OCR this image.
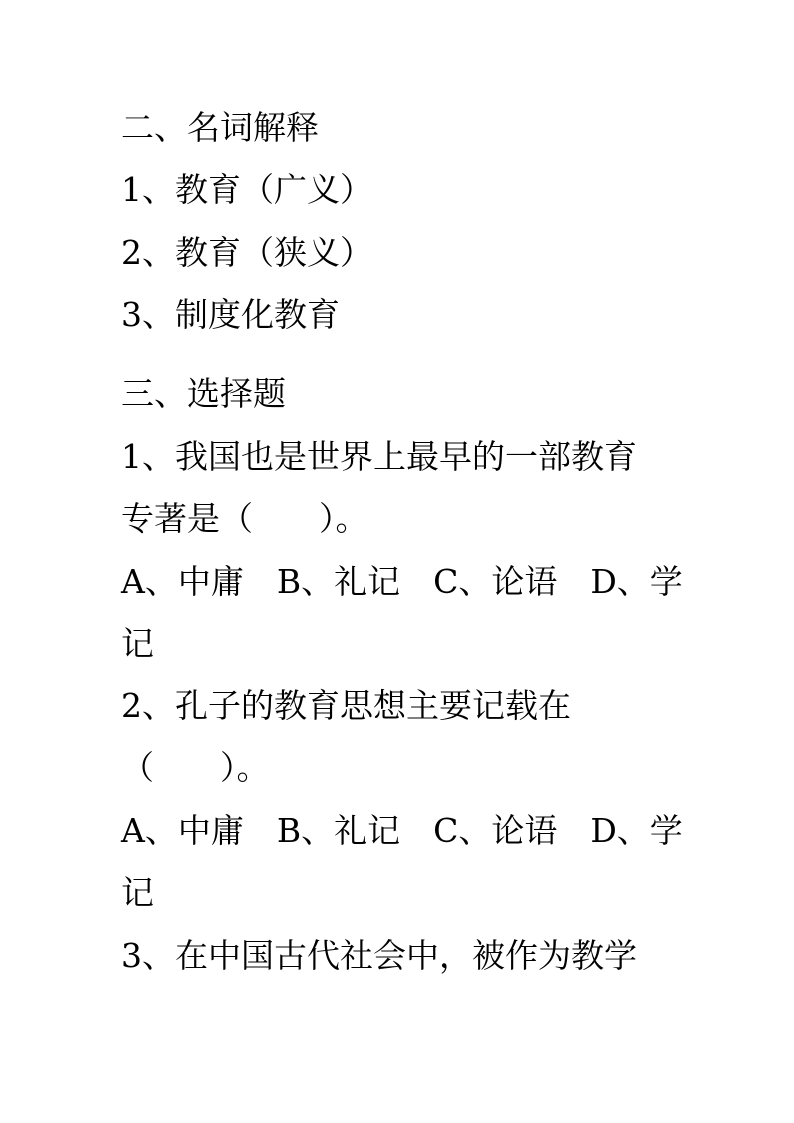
二、名词解释
1、教育（广义）
2、教育（狭义）
3、制度化教育
三、选择题
1、我国也是世界上最早的一部教育
专著是（　　）。
A、中庸　B、礼记　C、论语　D、学
记
2、孔子的教育思想主要记载在
（　　）。
A、中庸　B、礼记　C、论语　D、学
记
3、在中国古代社会中，被作为教学
